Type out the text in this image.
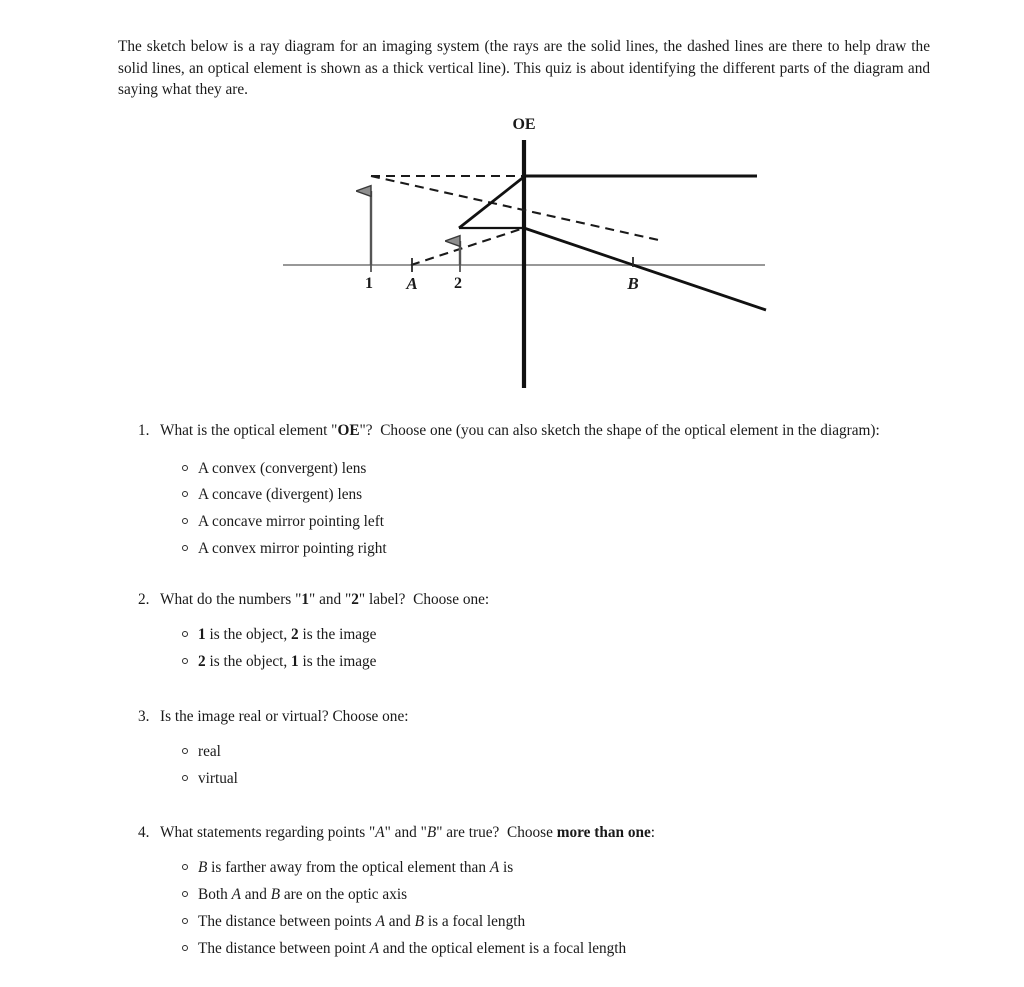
The sketch below is a ray diagram for an imaging system (the rays are the solid lines, the dashed lines are there to help draw the solid lines, an optical element is shown as a thick vertical line). This quiz is about identifying the different parts of the diagram and saying what they are.
OE
1 A 2	B
1. What is the optical element "OE"?  Choose one (you can also sketch the shape of the optical element in the diagram):
A convex (convergent) lens
A concave (divergent) lens
A concave mirror pointing left
A convex mirror pointing right
2. What do the numbers "1" and "2" label?  Choose one:
1 is the object, 2 is the image
2 is the object, 1 is the image
3. Is the image real or virtual? Choose one:
real
virtual
4. What statements regarding points "A" and "B" are true?  Choose more than one:
B is farther away from the optical element than A is
Both A and B are on the optic axis
The distance between points A and B is a focal length
The distance between point A and the optical element is a focal length
